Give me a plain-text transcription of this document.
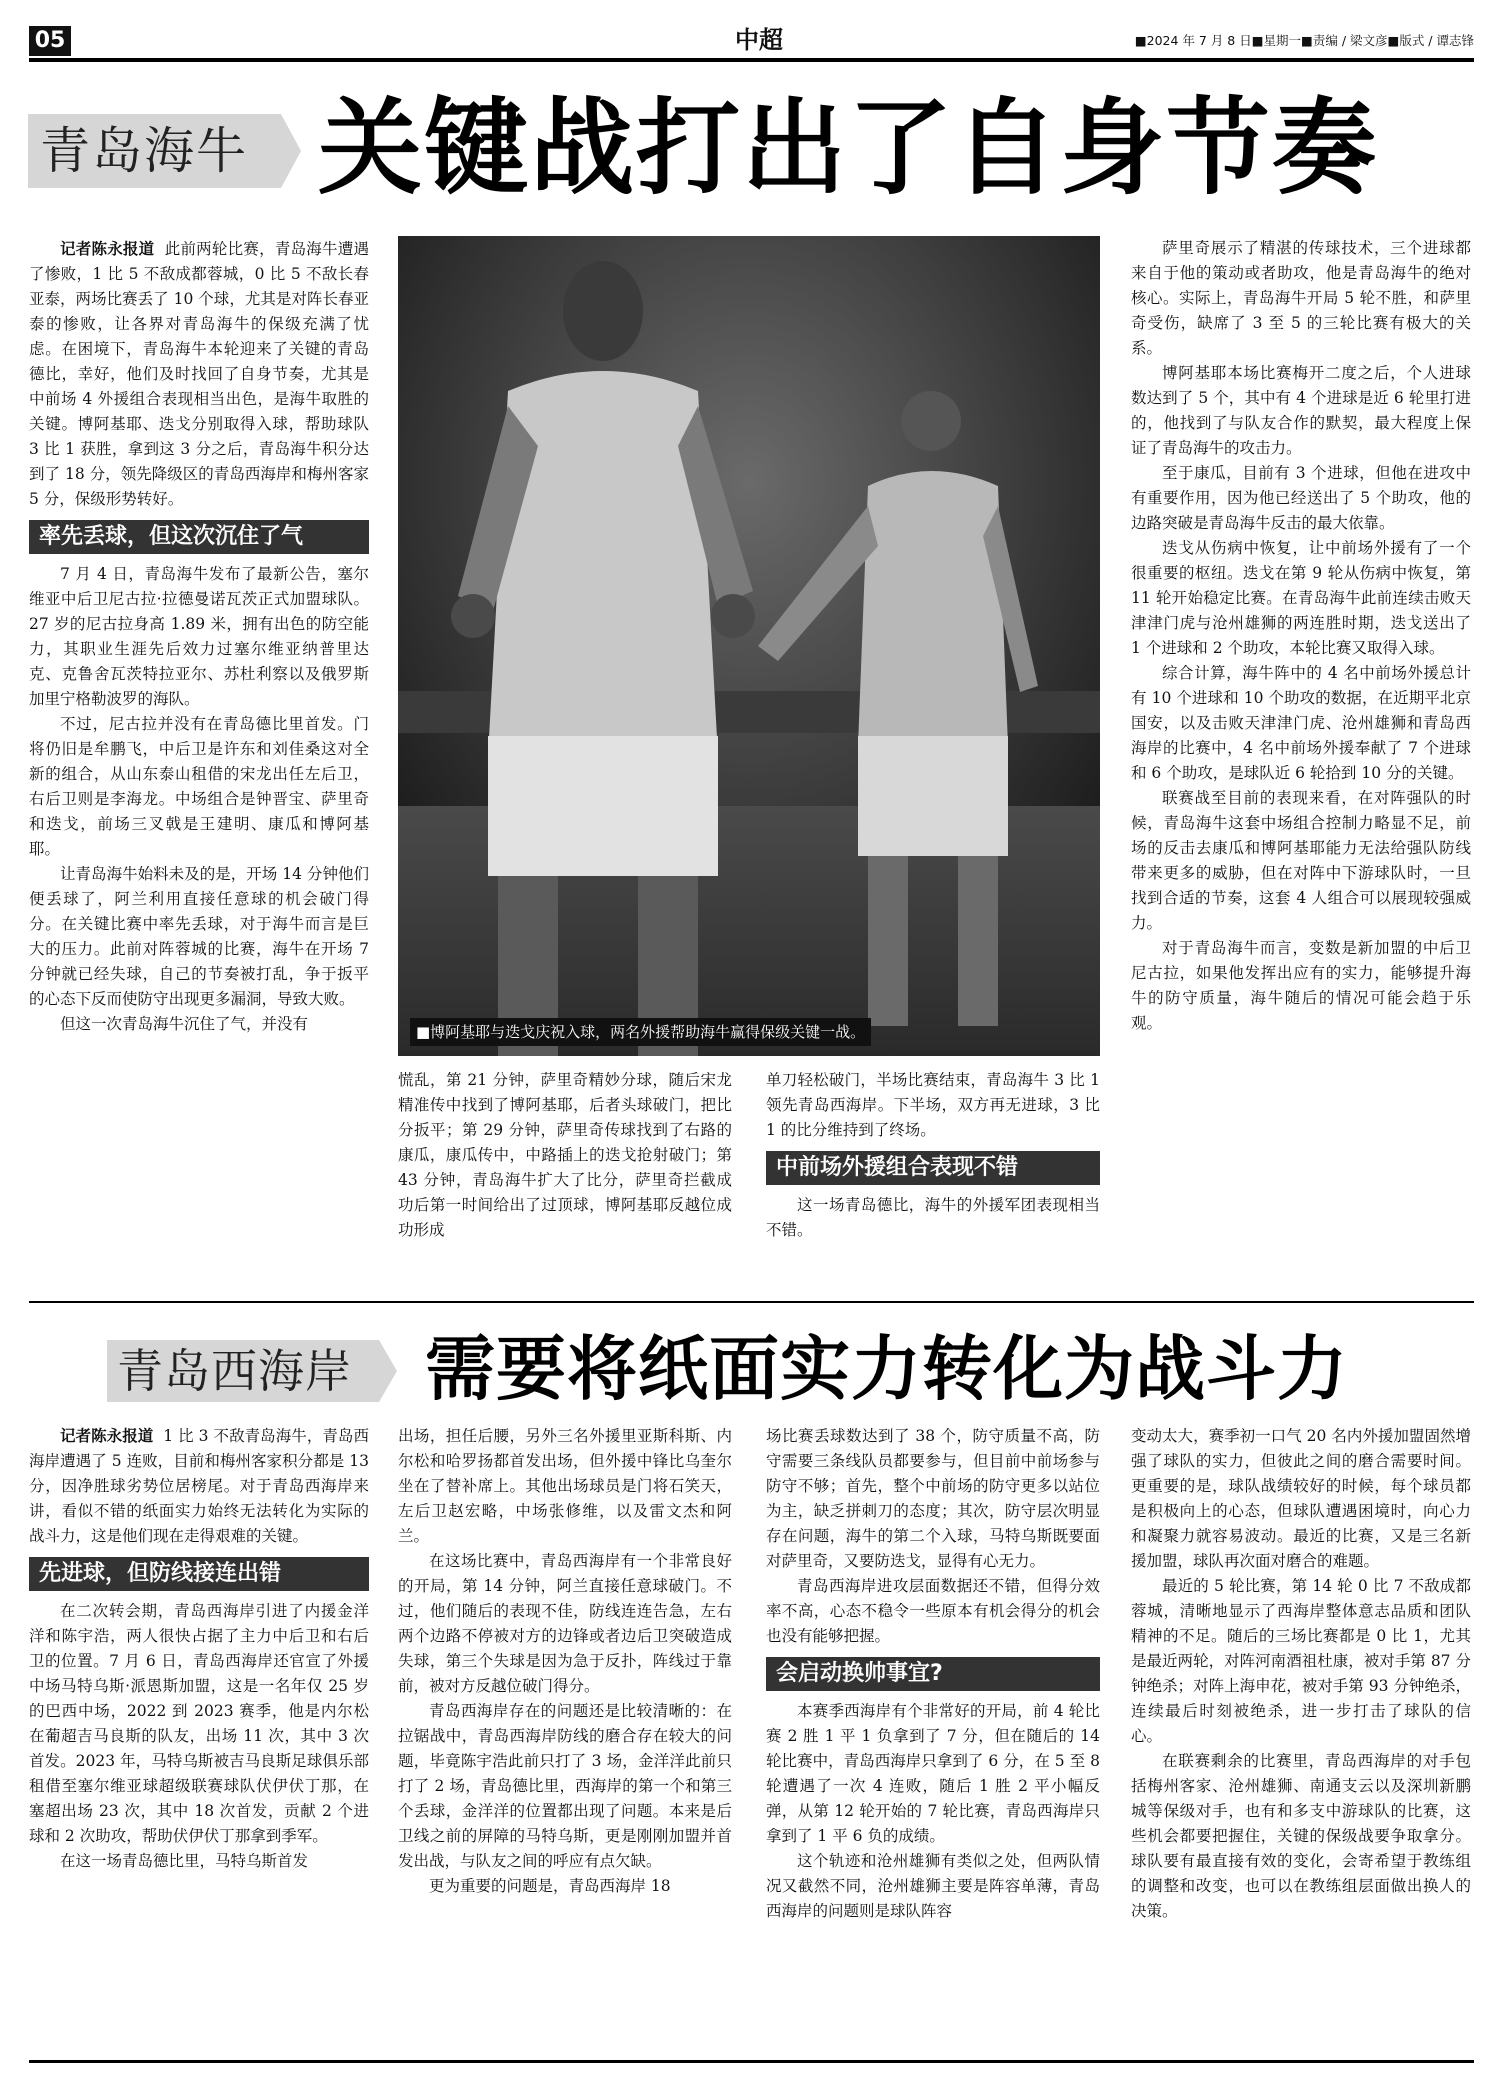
05	中超	■2024 年 7 月 8 日■星期一■责编 / 梁文彦■版式 / 谭志锋
青岛海牛 关键战打出了自身节奏

记者陈永报道 此前两轮比赛，青岛海牛遭遇了惨败，1 比 5 不敌成都蓉城，0 比 5 不敌长春亚泰，两场比赛丢了 10 个球，尤其是对阵长春亚泰的惨败，让各界对青岛海牛的保级充满了忧虑。在困境下，青岛海牛本轮迎来了关键的青岛德比，幸好，他们及时找回了自身节奏，尤其是中前场 4 外援组合表现相当出色，是海牛取胜的关键。博阿基耶、迭戈分别取得入球，帮助球队 3 比 1 获胜，拿到这 3 分之后，青岛海牛积分达到了 18 分，领先降级区的青岛西海岸和梅州客家 5 分，保级形势转好。

率先丢球，但这次沉住了气

7 月 4 日，青岛海牛发布了最新公告，塞尔维亚中后卫尼古拉·拉德曼诺瓦茨正式加盟球队。27 岁的尼古拉身高 1.89 米，拥有出色的防空能力，其职业生涯先后效力过塞尔维亚纳普里达克、克鲁舍瓦茨特拉亚尔、苏杜利察以及俄罗斯加里宁格勒波罗的海队。

不过，尼古拉并没有在青岛德比里首发。门将仍旧是牟鹏飞，中后卫是许东和刘佳桑这对全新的组合，从山东泰山租借的宋龙出任左后卫，右后卫则是李海龙。中场组合是钟晋宝、萨里奇和迭戈，前场三叉戟是王建明、康瓜和博阿基耶。

让青岛海牛始料未及的是，开场 14 分钟他们便丢球了，阿兰利用直接任意球的机会破门得分。在关键比赛中率先丢球，对于海牛而言是巨大的压力。此前对阵蓉城的比赛，海牛在开场 7 分钟就已经失球，自己的节奏被打乱，争于扳平的心态下反而使防守出现更多漏洞，导致大败。

但这一次青岛海牛沉住了气，并没有	■博阿基耶与迭戈庆祝入球，两名外援帮助海牛赢得保级关键一战。

慌乱，第 21 分钟，萨里奇精妙分球，随后宋龙精准传中找到了博阿基耶，后者头球破门，把比分扳平；第 29 分钟，萨里奇传球找到了右路的康瓜，康瓜传中，中路插上的迭戈抢射破门；第 43 分钟，青岛海牛扩大了比分，萨里奇拦截成功后第一时间给出了过顶球，博阿基耶反越位成功形成

单刀轻松破门，半场比赛结束，青岛海牛 3 比 1 领先青岛西海岸。下半场，双方再无进球，3 比 1 的比分维持到了终场。

中前场外援组合表现不错

这一场青岛德比，海牛的外援军团表现相当不错。

萨里奇展示了精湛的传球技术，三个进球都来自于他的策动或者助攻，他是青岛海牛的绝对核心。实际上，青岛海牛开局 5 轮不胜，和萨里奇受伤，缺席了 3 至 5 的三轮比赛有极大的关系。

博阿基耶本场比赛梅开二度之后，个人进球数达到了 5 个，其中有 4 个进球是近 6 轮里打进的，他找到了与队友合作的默契，最大程度上保证了青岛海牛的攻击力。

至于康瓜，目前有 3 个进球，但他在进攻中有重要作用，因为他已经送出了 5 个助攻，他的边路突破是青岛海牛反击的最大依靠。

迭戈从伤病中恢复，让中前场外援有了一个很重要的枢纽。迭戈在第 9 轮从伤病中恢复，第 11 轮开始稳定比赛。在青岛海牛此前连续击败天津津门虎与沧州雄狮的两连胜时期，迭戈送出了 1 个进球和 2 个助攻，本轮比赛又取得入球。

综合计算，海牛阵中的 4 名中前场外援总计有 10 个进球和 10 个助攻的数据，在近期平北京国安，以及击败天津津门虎、沧州雄狮和青岛西海岸的比赛中，4 名中前场外援奉献了 7 个进球和 6 个助攻，是球队近 6 轮拾到 10 分的关键。

联赛战至目前的表现来看，在对阵强队的时候，青岛海牛这套中场组合控制力略显不足，前场的反击去康瓜和博阿基耶能力无法给强队防线带来更多的威胁，但在对阵中下游球队时，一旦找到合适的节奏，这套 4 人组合可以展现较强威力。

对于青岛海牛而言，变数是新加盟的中后卫尼古拉，如果他发挥出应有的实力，能够提升海牛的防守质量，海牛随后的情况可能会趋于乐观。

青岛西海岸 需要将纸面实力转化为战斗力

记者陈永报道 1 比 3 不敌青岛海牛，青岛西海岸遭遇了 5 连败，目前和梅州客家积分都是 13 分，因净胜球劣势位居榜尾。对于青岛西海岸来讲，看似不错的纸面实力始终无法转化为实际的战斗力，这是他们现在走得艰难的关键。

先进球，但防线接连出错

在二次转会期，青岛西海岸引进了内援金洋洋和陈宇浩，两人很快占据了主力中后卫和右后卫的位置。7 月 6 日，青岛西海岸还官宣了外援中场马特乌斯·派恩斯加盟，这是一名年仅 25 岁的巴西中场，2022 到 2023 赛季，他是内尔松在葡超吉马良斯的队友，出场 11 次，其中 3 次首发。2023 年，马特乌斯被吉马良斯足球俱乐部租借至塞尔维亚球超级联赛球队伏伊伏丁那，在塞超出场 23 次，其中 18 次首发，贡献 2 个进球和 2 次助攻，帮助伏伊伏丁那拿到季军。

在这一场青岛德比里，马特乌斯首发

出场，担任后腰，另外三名外援里亚斯科斯、内尔松和哈罗扬都首发出场，但外援中锋比乌奎尔坐在了替补席上。其他出场球员是门将石笑天，左后卫赵宏略，中场张修维，以及雷文杰和阿兰。

在这场比赛中，青岛西海岸有一个非常良好的开局，第 14 分钟，阿兰直接任意球破门。不过，他们随后的表现不佳，防线连连告急，左右两个边路不停被对方的边锋或者边后卫突破造成失球，第三个失球是因为急于反扑，阵线过于靠前，被对方反越位破门得分。

青岛西海岸存在的问题还是比较清晰的：在拉锯战中，青岛西海岸防线的磨合存在较大的问题，毕竟陈宇浩此前只打了 3 场，金洋洋此前只打了 2 场，青岛德比里，西海岸的第一个和第三个丢球，金洋洋的位置都出现了问题。本来是后卫线之前的屏障的马特乌斯，更是刚刚加盟并首发出战，与队友之间的呼应有点欠缺。

更为重要的问题是，青岛西海岸 18

场比赛丢球数达到了 38 个，防守质量不高，防守需要三条线队员都要参与，但目前中前场参与防守不够；首先，整个中前场的防守更多以站位为主，缺乏拼刺刀的态度；其次，防守层次明显存在问题，海牛的第二个入球，马特乌斯既要面对萨里奇，又要防迭戈，显得有心无力。

青岛西海岸进攻层面数据还不错，但得分效率不高，心态不稳令一些原本有机会得分的机会也没有能够把握。

会启动换帅事宜?

本赛季西海岸有个非常好的开局，前 4 轮比赛 2 胜 1 平 1 负拿到了 7 分，但在随后的 14 轮比赛中，青岛西海岸只拿到了 6 分，在 5 至 8 轮遭遇了一次 4 连败，随后 1 胜 2 平小幅反弹，从第 12 轮开始的 7 轮比赛，青岛西海岸只拿到了 1 平 6 负的成绩。

这个轨迹和沧州雄狮有类似之处，但两队情况又截然不同，沧州雄狮主要是阵容单薄，青岛西海岸的问题则是球队阵容

变动太大，赛季初一口气 20 名内外援加盟固然增强了球队的实力，但彼此之间的磨合需要时间。更重要的是，球队战绩较好的时候，每个球员都是积极向上的心态，但球队遭遇困境时，向心力和凝聚力就容易波动。最近的比赛，又是三名新援加盟，球队再次面对磨合的难题。

最近的 5 轮比赛，第 14 轮 0 比 7 不敌成都蓉城，清晰地显示了西海岸整体意志品质和团队精神的不足。随后的三场比赛都是 0 比 1，尤其是最近两轮，对阵河南酒祖杜康，被对手第 87 分钟绝杀；对阵上海申花，被对手第 93 分钟绝杀，连续最后时刻被绝杀，进一步打击了球队的信心。

在联赛剩余的比赛里，青岛西海岸的对手包括梅州客家、沧州雄狮、南通支云以及深圳新鹏城等保级对手，也有和多支中游球队的比赛，这些机会都要把握住，关键的保级战要争取拿分。球队要有最直接有效的变化，会寄希望于教练组的调整和改变，也可以在教练组层面做出换人的决策。
